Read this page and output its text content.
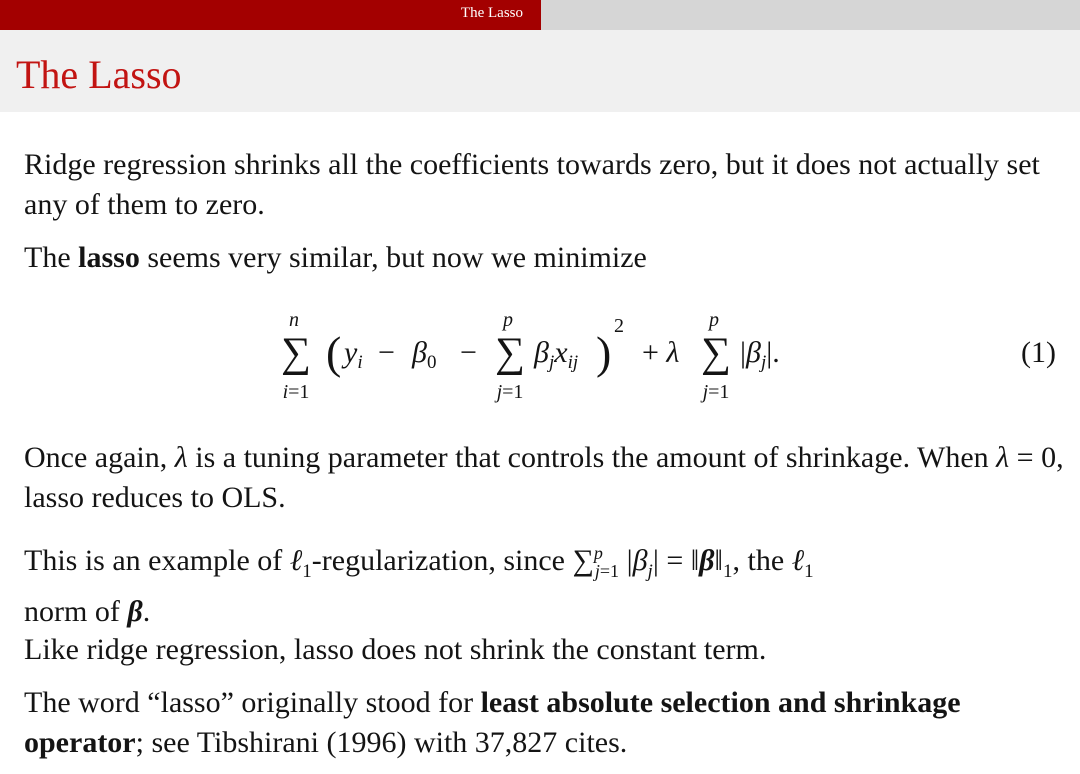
The Lasso
The Lasso
Ridge regression shrinks all the coefficients towards zero, but it does not actually set any of them to zero.
The lasso seems very similar, but now we minimize
n
∑
i=1
( $y_i - \beta_0$ −
p
∑
j=1
$\beta_jx_{ij}$ )
2
+ λ
p
∑
j=1
$|\beta_j|$.	(1)
Once again, λ is a tuning parameter that controls the amount of shrinkage. When λ = 0, lasso reduces to OLS.
This is an example of ℓ$_1$-regularization, since ∑$^p_{j=1}$ $|\beta_j|$ = $‖\beta‖_1$, the ℓ$_1$
norm of β.
Like ridge regression, lasso does not shrink the constant term.
The word “lasso” originally stood for least absolute selection and shrinkage operator; see Tibshirani (1996) with 37,827 cites.
